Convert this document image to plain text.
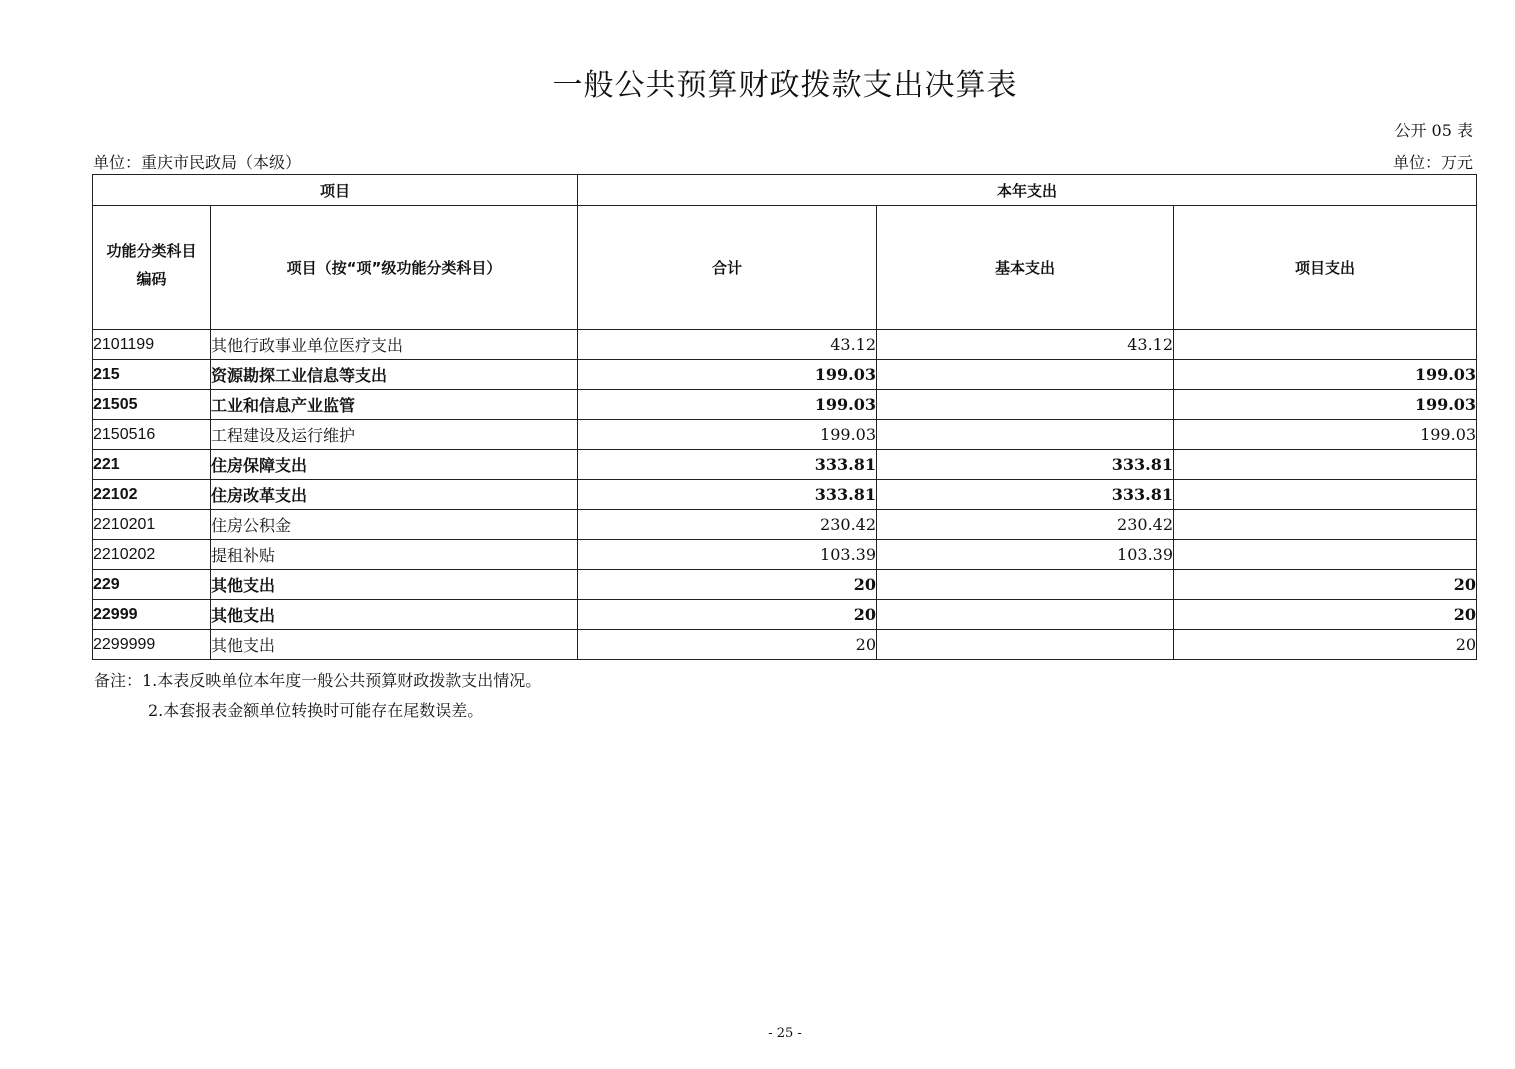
一般公共预算财政拨款支出决算表
公开 05 表
单位：重庆市民政局（本级）	单位：万元
项目		本年支出		
功能分类科目
编码	项目（按“项”级功能分类科目）	合计	基本支出	项目支出
2101199	其他行政事业单位医疗支出	43.12	43.12	
215	资源勘探工业信息等支出	199.03		199.03
21505	工业和信息产业监管	199.03		199.03
2150516	工程建设及运行维护	199.03		199.03
221	住房保障支出	333.81	333.81	
22102	住房改革支出	333.81	333.81	
2210201	住房公积金	230.42	230.42	
2210202	提租补贴	103.39	103.39	
229	其他支出	20		20
22999	其他支出	20		20
2299999	其他支出	20		20
备注：1.本表反映单位本年度一般公共预算财政拨款支出情况。
2.本套报表金额单位转换时可能存在尾数误差。
- 25 -
